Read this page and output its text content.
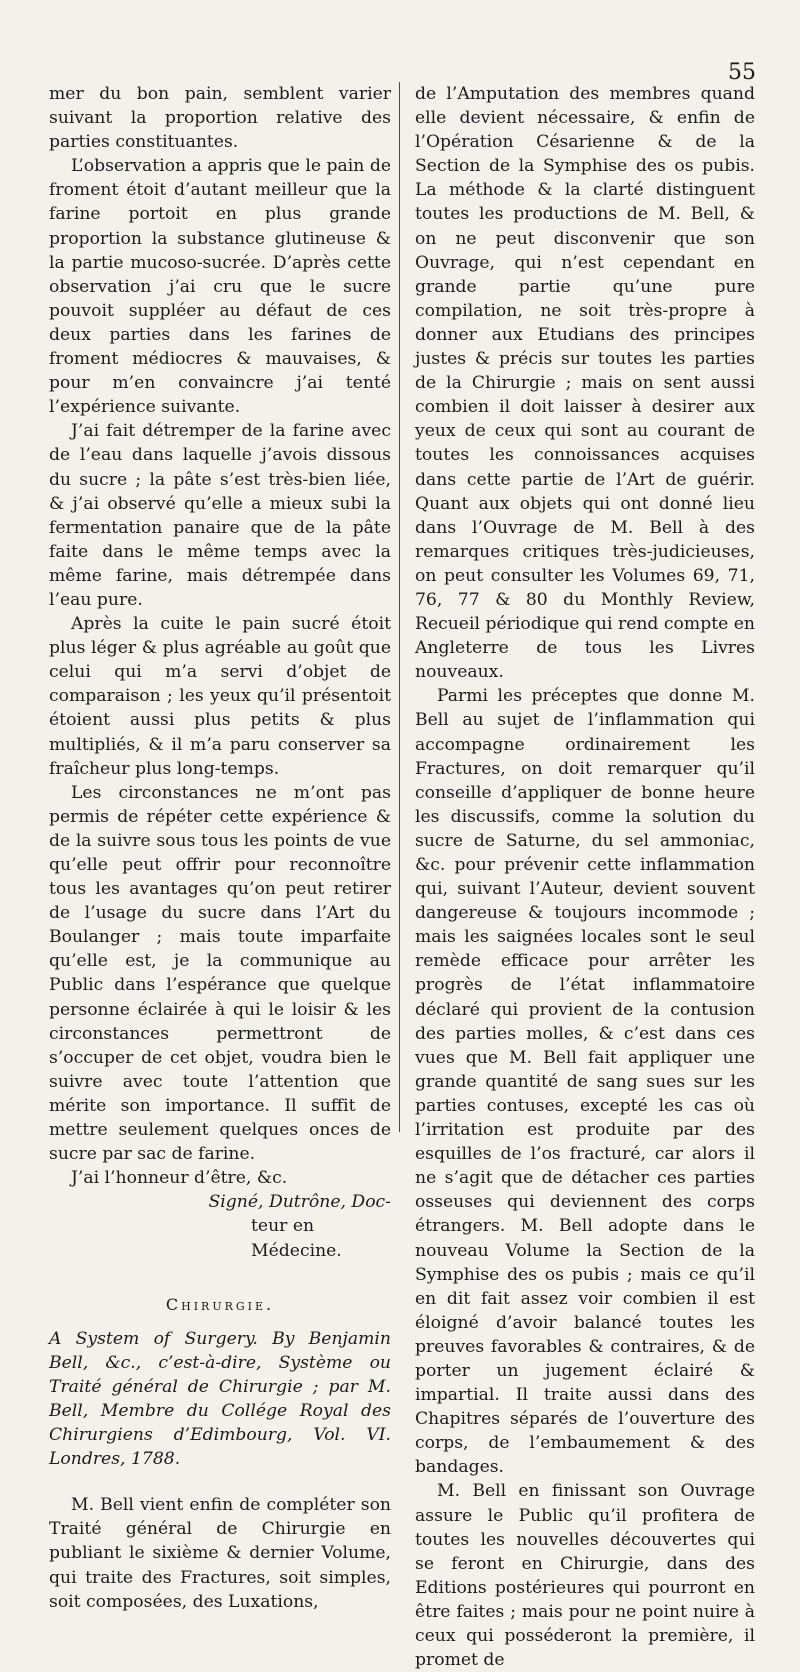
55

mer du bon pain, semblent varier suivant la proportion relative des parties constituantes.

L’observation a appris que le pain de froment étoit d’autant meilleur que la farine portoit en plus grande proportion la substance glutineuse & la partie mucoso-sucrée. D’après cette observation j’ai cru que le sucre pouvoit suppléer au défaut de ces deux parties dans les farines de froment médiocres & mauvaises, & pour m’en convaincre j’ai tenté l’expérience suivante.

J’ai fait détremper de la farine avec de l’eau dans laquelle j’avois dissous du sucre ; la pâte s’est très-bien liée, & j’ai observé qu’elle a mieux subi la fermentation panaire que de la pâte faite dans le même temps avec la même farine, mais détrempée dans l’eau pure.

Après la cuite le pain sucré étoit plus léger & plus agréable au goût que celui qui m’a servi d’objet de comparaison ; les yeux qu’il présentoit étoient aussi plus petits & plus multipliés, & il m’a paru conserver sa fraîcheur plus long-temps.

Les circonstances ne m’ont pas permis de répéter cette expérience & de la suivre sous tous les points de vue qu’elle peut offrir pour reconnoître tous les avantages qu’on peut retirer de l’usage du sucre dans l’Art du Boulanger ; mais toute imparfaite qu’elle est, je la communique au Public dans l’espérance que quelque personne éclairée à qui le loisir & les circonstances permettront de s’occuper de cet objet, voudra bien le suivre avec toute l’attention que mérite son importance. Il suffit de mettre seulement quelques onces de sucre par sac de farine.

J’ai l’honneur d’être, &c.

Signé, Dutrône, Doc-

teur en Médecine.

Chirurgie.

A System of Surgery. By Benjamin Bell, &c., c’est-à-dire, Système ou Traité général de Chirurgie ; par M. Bell, Membre du Collége Royal des Chirurgiens d’Edimbourg, Vol. VI. Londres, 1788.

M. Bell vient enfin de compléter son Traité général de Chirurgie en publiant le sixième & dernier Volume, qui traite des Fractures, soit simples, soit composées, des Luxations,

de l’Amputation des membres quand elle devient nécessaire, & enfin de l’Opération Césarienne & de la Section de la Symphise des os pubis. La méthode & la clarté distinguent toutes les productions de M. Bell, & on ne peut disconvenir que son Ouvrage, qui n’est cependant en grande partie qu’une pure compilation, ne soit très-propre à donner aux Etudians des principes justes & précis sur toutes les parties de la Chirurgie ; mais on sent aussi combien il doit laisser à desirer aux yeux de ceux qui sont au courant de toutes les connoissances acquises dans cette partie de l’Art de guérir. Quant aux objets qui ont donné lieu dans l’Ouvrage de M. Bell à des remarques critiques très-judicieuses, on peut consulter les Volumes 69, 71, 76, 77 & 80 du Monthly Review, Recueil périodique qui rend compte en Angleterre de tous les Livres nouveaux.

Parmi les préceptes que donne M. Bell au sujet de l’inflammation qui accompagne ordinairement les Fractures, on doit remarquer qu’il conseille d’appliquer de bonne heure les discussifs, comme la solution du sucre de Saturne, du sel ammoniac, &c. pour prévenir cette inflammation qui, suivant l’Auteur, devient souvent dangereuse & toujours incommode ; mais les saignées locales sont le seul remède efficace pour arrêter les progrès de l’état inflammatoire déclaré qui provient de la contusion des parties molles, & c’est dans ces vues que M. Bell fait appliquer une grande quantité de sang sues sur les parties contuses, excepté les cas où l’irritation est produite par des esquilles de l’os fracturé, car alors il ne s’agit que de détacher ces parties osseuses qui deviennent des corps étrangers. M. Bell adopte dans le nouveau Volume la Section de la Symphise des os pubis ; mais ce qu’il en dit fait assez voir combien il est éloigné d’avoir balancé toutes les preuves favorables & contraires, & de porter un jugement éclairé & impartial. Il traite aussi dans des Chapitres séparés de l’ouverture des corps, de l’embaumement & des bandages.

M. Bell en finissant son Ouvrage assure le Public qu’il profitera de toutes les nouvelles découvertes qui se feront en Chirurgie, dans des Editions postérieures qui pourront en être faites ; mais pour ne point nuire à ceux qui posséderont la première, il promet de
